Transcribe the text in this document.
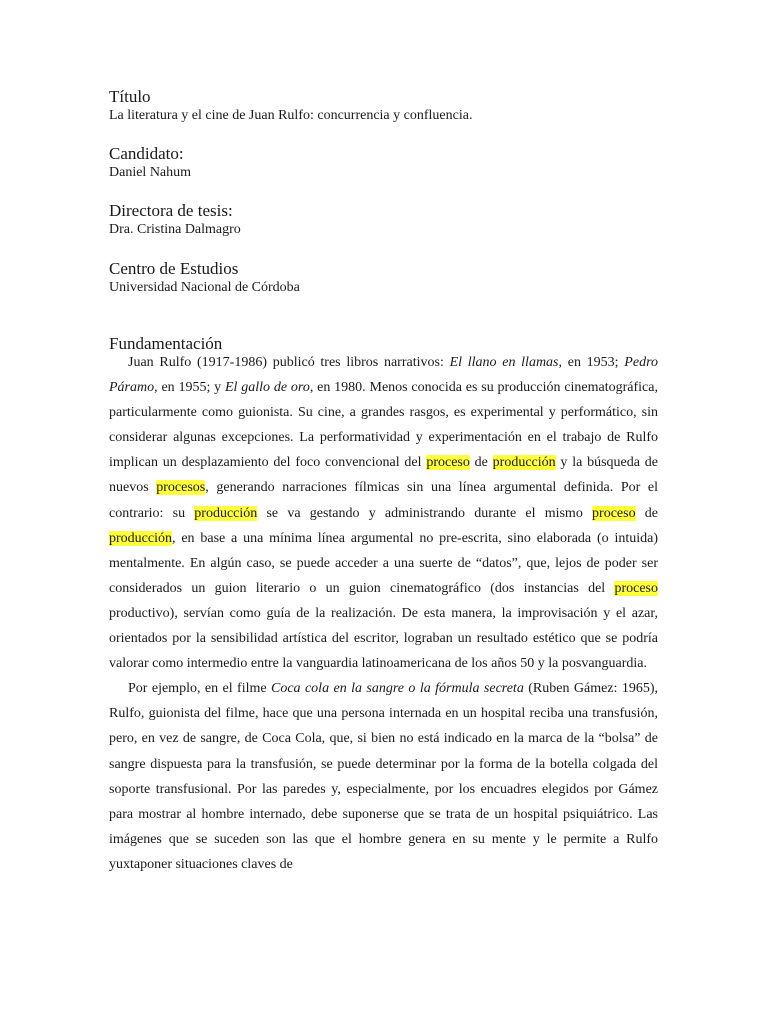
Título

La literatura y el cine de Juan Rulfo: concurrencia y confluencia.

Candidato:

Daniel Nahum

Directora de tesis:

Dra. Cristina Dalmagro

Centro de Estudios

Universidad Nacional de Córdoba

Fundamentación

Juan Rulfo (1917-1986) publicó tres libros narrativos: El llano en llamas, en 1953; Pedro Páramo, en 1955; y El gallo de oro, en 1980. Menos conocida es su producción cinematográfica, particularmente como guionista. Su cine, a grandes rasgos, es experimental y performático, sin considerar algunas excepciones. La performatividad y experimentación en el trabajo de Rulfo implican un desplazamiento del foco convencional del proceso de producción y la búsqueda de nuevos procesos, generando narraciones fílmicas sin una línea argumental definida. Por el contrario: su producción se va gestando y administrando durante el mismo proceso de producción, en base a una mínima línea argumental no pre-escrita, sino elaborada (o intuida) mentalmente. En algún caso, se puede acceder a una suerte de “datos”, que, lejos de poder ser considerados un guion literario o un guion cinematográfico (dos instancias del proceso productivo), servían como guía de la realización. De esta manera, la improvisación y el azar, orientados por la sensibilidad artística del escritor, lograban un resultado estético que se podría valorar como intermedio entre la vanguardia latinoamericana de los años 50 y la posvanguardia.

Por ejemplo, en el filme Coca cola en la sangre o la fórmula secreta (Ruben Gámez: 1965), Rulfo, guionista del filme, hace que una persona internada en un hospital reciba una transfusión, pero, en vez de sangre, de Coca Cola, que, si bien no está indicado en la marca de la “bolsa” de sangre dispuesta para la transfusión, se puede determinar por la forma de la botella colgada del soporte transfusional. Por las paredes y, especialmente, por los encuadres elegidos por Gámez para mostrar al hombre internado, debe suponerse que se trata de un hospital psiquiátrico. Las imágenes que se suceden son las que el hombre genera en su mente y le permite a Rulfo yuxtaponer situaciones claves de
